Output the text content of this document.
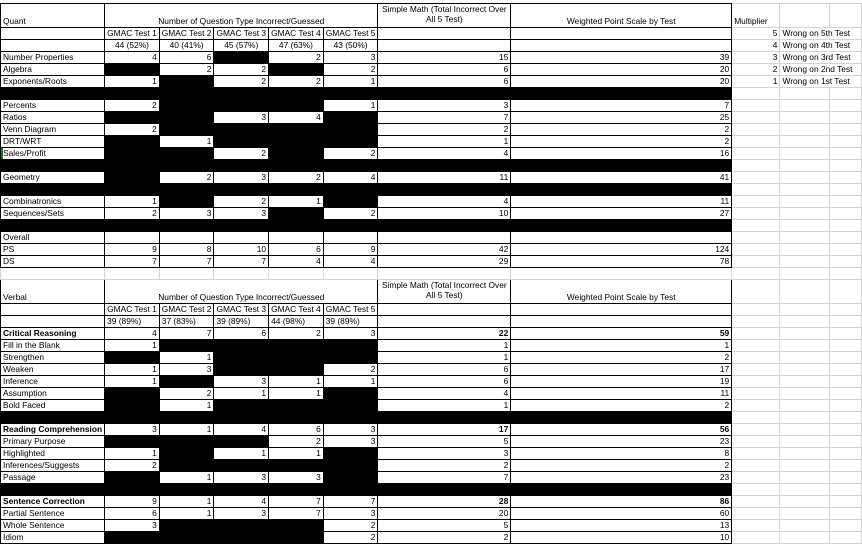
Quant	Number of Question Type Incorrect/Guessed					Simple Math (Total Incorrect Over All 5 Test)	Weighted Point Scale by Test	Multiplier		
	GMAC Test 1	GMAC Test 2	GMAC Test 3	GMAC Test 4	GMAC Test 5			5	Wrong on 5th Test	
	44 (52%)	40 (41%)	45 (57%)	47 (63%)	43 (50%)			4	Wrong on 4th Test	
Number Properties	4	6		2	3	15	39	3	Wrong on 3rd Test	
Algebra		2	2		2	6	20	2	Wrong on 2nd Test	
Exponents/Roots	1		2	2	1	6	20	1	Wrong on 1st Test	

Percents	2				1	3	7			
Ratios			3	4		7	25			
Venn Diagram	2					2	2			
DRT/WRT		1				1	2			
Sales/Profit			2		2	4	16			

Geometry		2	3	2	4	11	41			

Combinatronics	1		2	1		4	11			
Sequences/Sets	2	3	3		2	10	27			

Overall										
PS	9	8	10	6	9	42	124			
DS	7	7	7	4	4	29	78			

Verbal	Number of Question Type Incorrect/Guessed					Simple Math (Total Incorrect Over All 5 Test)	Weighted Point Scale by Test			
	GMAC Test 1	GMAC Test 2	GMAC Test 3	GMAC Test 4	GMAC Test 5					
	39 (89%)	37 (83%)	39 (89%)	44 (98%)	39 (89%)					
Critical Reasoning	4	7	6	2	3	22	59			
Fill in the Blank	1					1	1			
Strengthen		1				1	2			
Weaken	1	3			2	6	17			
Inference	1		3	1	1	6	19			
Assumption		2	1	1		4	11			
Bold Faced		1				1	2			

Reading Comprehension	3	1	4	6	3	17	56			
Primary Purpose				2	3	5	23			
Highlighted	1		1	1		3	8			
Inferences/Suggests	2					2	2			
Passage		1	3	3		7	23			

Sentence Correction	9	1	4	7	7	28	86			
Partial Sentence	6	1	3	7	3	20	60			
Whole Sentence	3				2	5	13			
Idiom					2	2	10			
